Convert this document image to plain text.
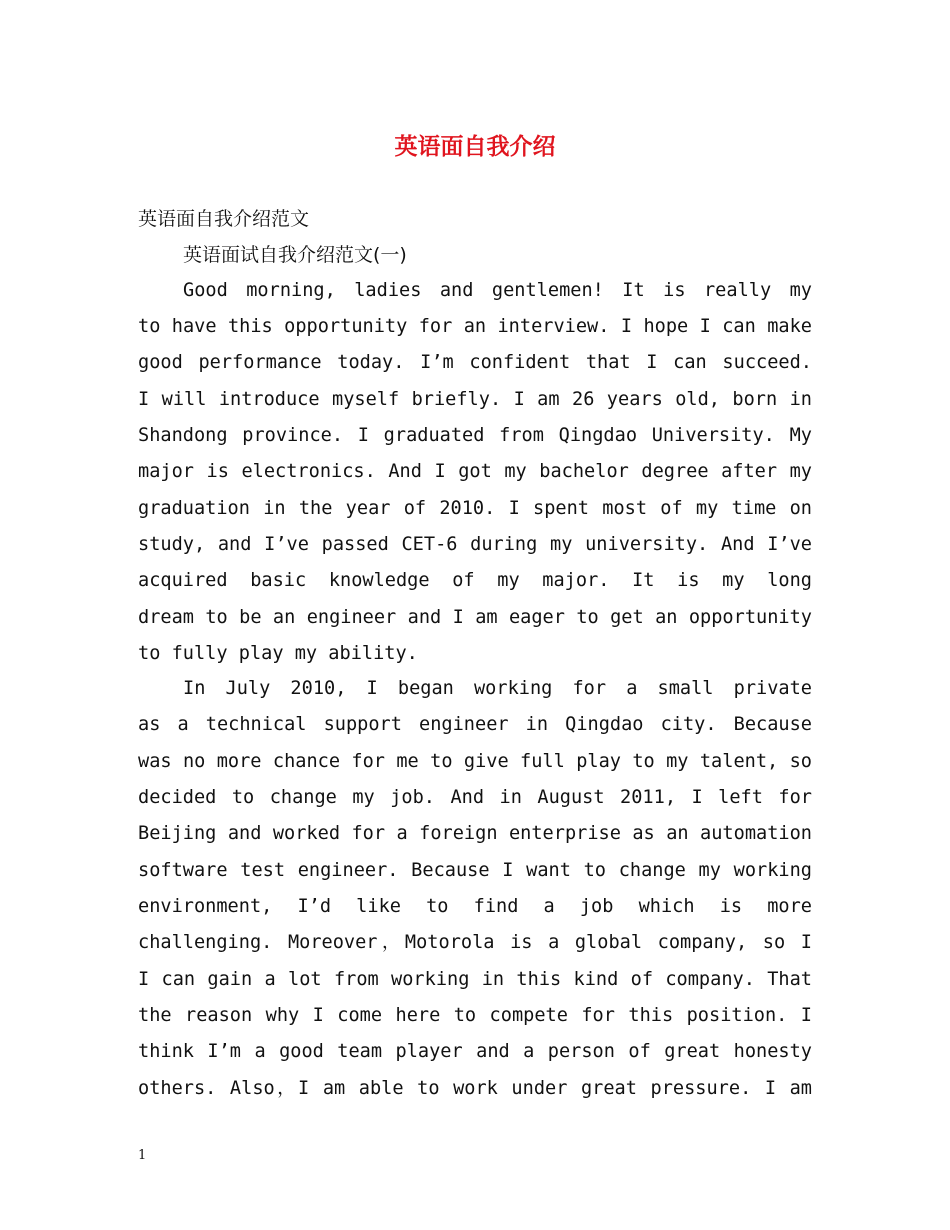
英语面自我介绍
英语面自我介绍范文
英语面试自我介绍范文(一)
Good morning, ladies and gentlemen! It is really my
to have this opportunity for an interview. I hope I can make
good performance today. I’m confident that I can succeed.
I will introduce myself briefly. I am 26 years old, born in
Shandong province. I graduated from Qingdao University. My
major is electronics. And I got my bachelor degree after my
graduation in the year of 2010. I spent most of my time on
study, and I’ve passed CET-6 during my university. And I’ve
acquired basic knowledge of my major. It is my long
dream to be an engineer and I am eager to get an opportunity
to fully play my ability.
In July 2010, I began working for a small private
as a technical support engineer in Qingdao city. Because
was no more chance for me to give full play to my talent, so
decided to change my job. And in August 2011, I left for
Beijing and worked for a foreign enterprise as an automation
software test engineer. Because I want to change my working
environment, I’d like to find a job which is more
challenging. Moreover，Motorola is a global company, so I
I can gain a lot from working in this kind of company. That
the reason why I come here to compete for this position. I
think I’m a good team player and a person of great honesty
others. Also，I am able to work under great pressure. I am
1
